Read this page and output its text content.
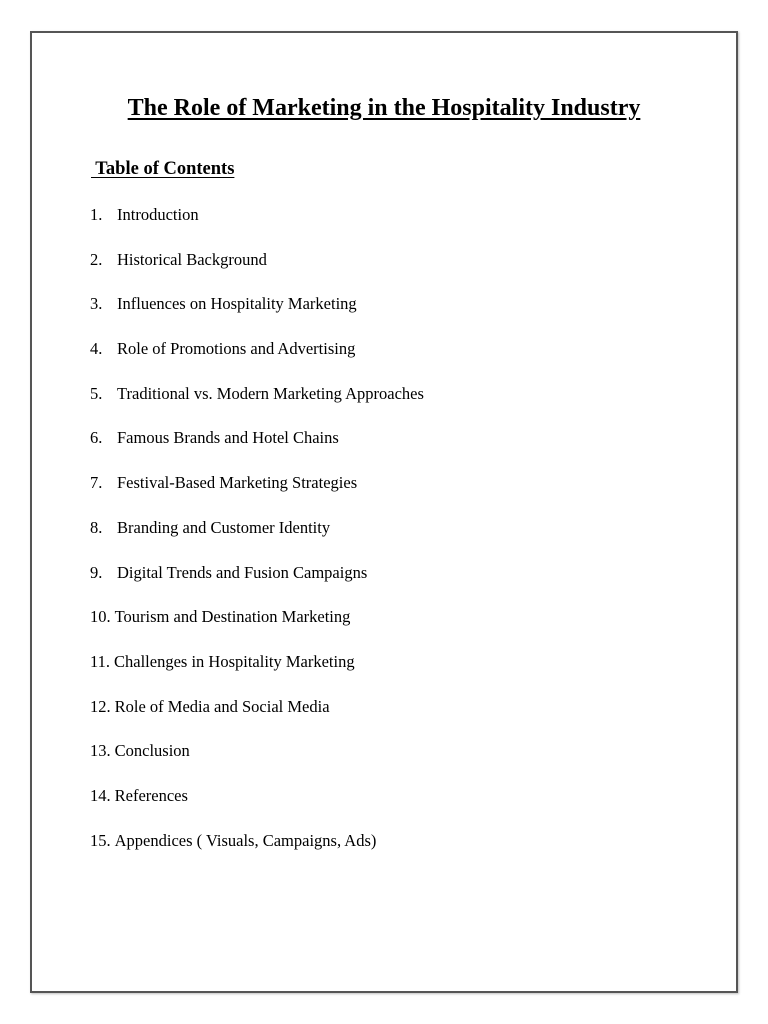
The Role of Marketing in the Hospitality Industry
Table of Contents
1. Introduction
2. Historical Background
3. Influences on Hospitality Marketing
4. Role of Promotions and Advertising
5. Traditional vs. Modern Marketing Approaches
6. Famous Brands and Hotel Chains
7. Festival-Based Marketing Strategies
8. Branding and Customer Identity
9. Digital Trends and Fusion Campaigns
10. Tourism and Destination Marketing
11. Challenges in Hospitality Marketing
12. Role of Media and Social Media
13. Conclusion
14. References
15. Appendices ( Visuals, Campaigns, Ads)
